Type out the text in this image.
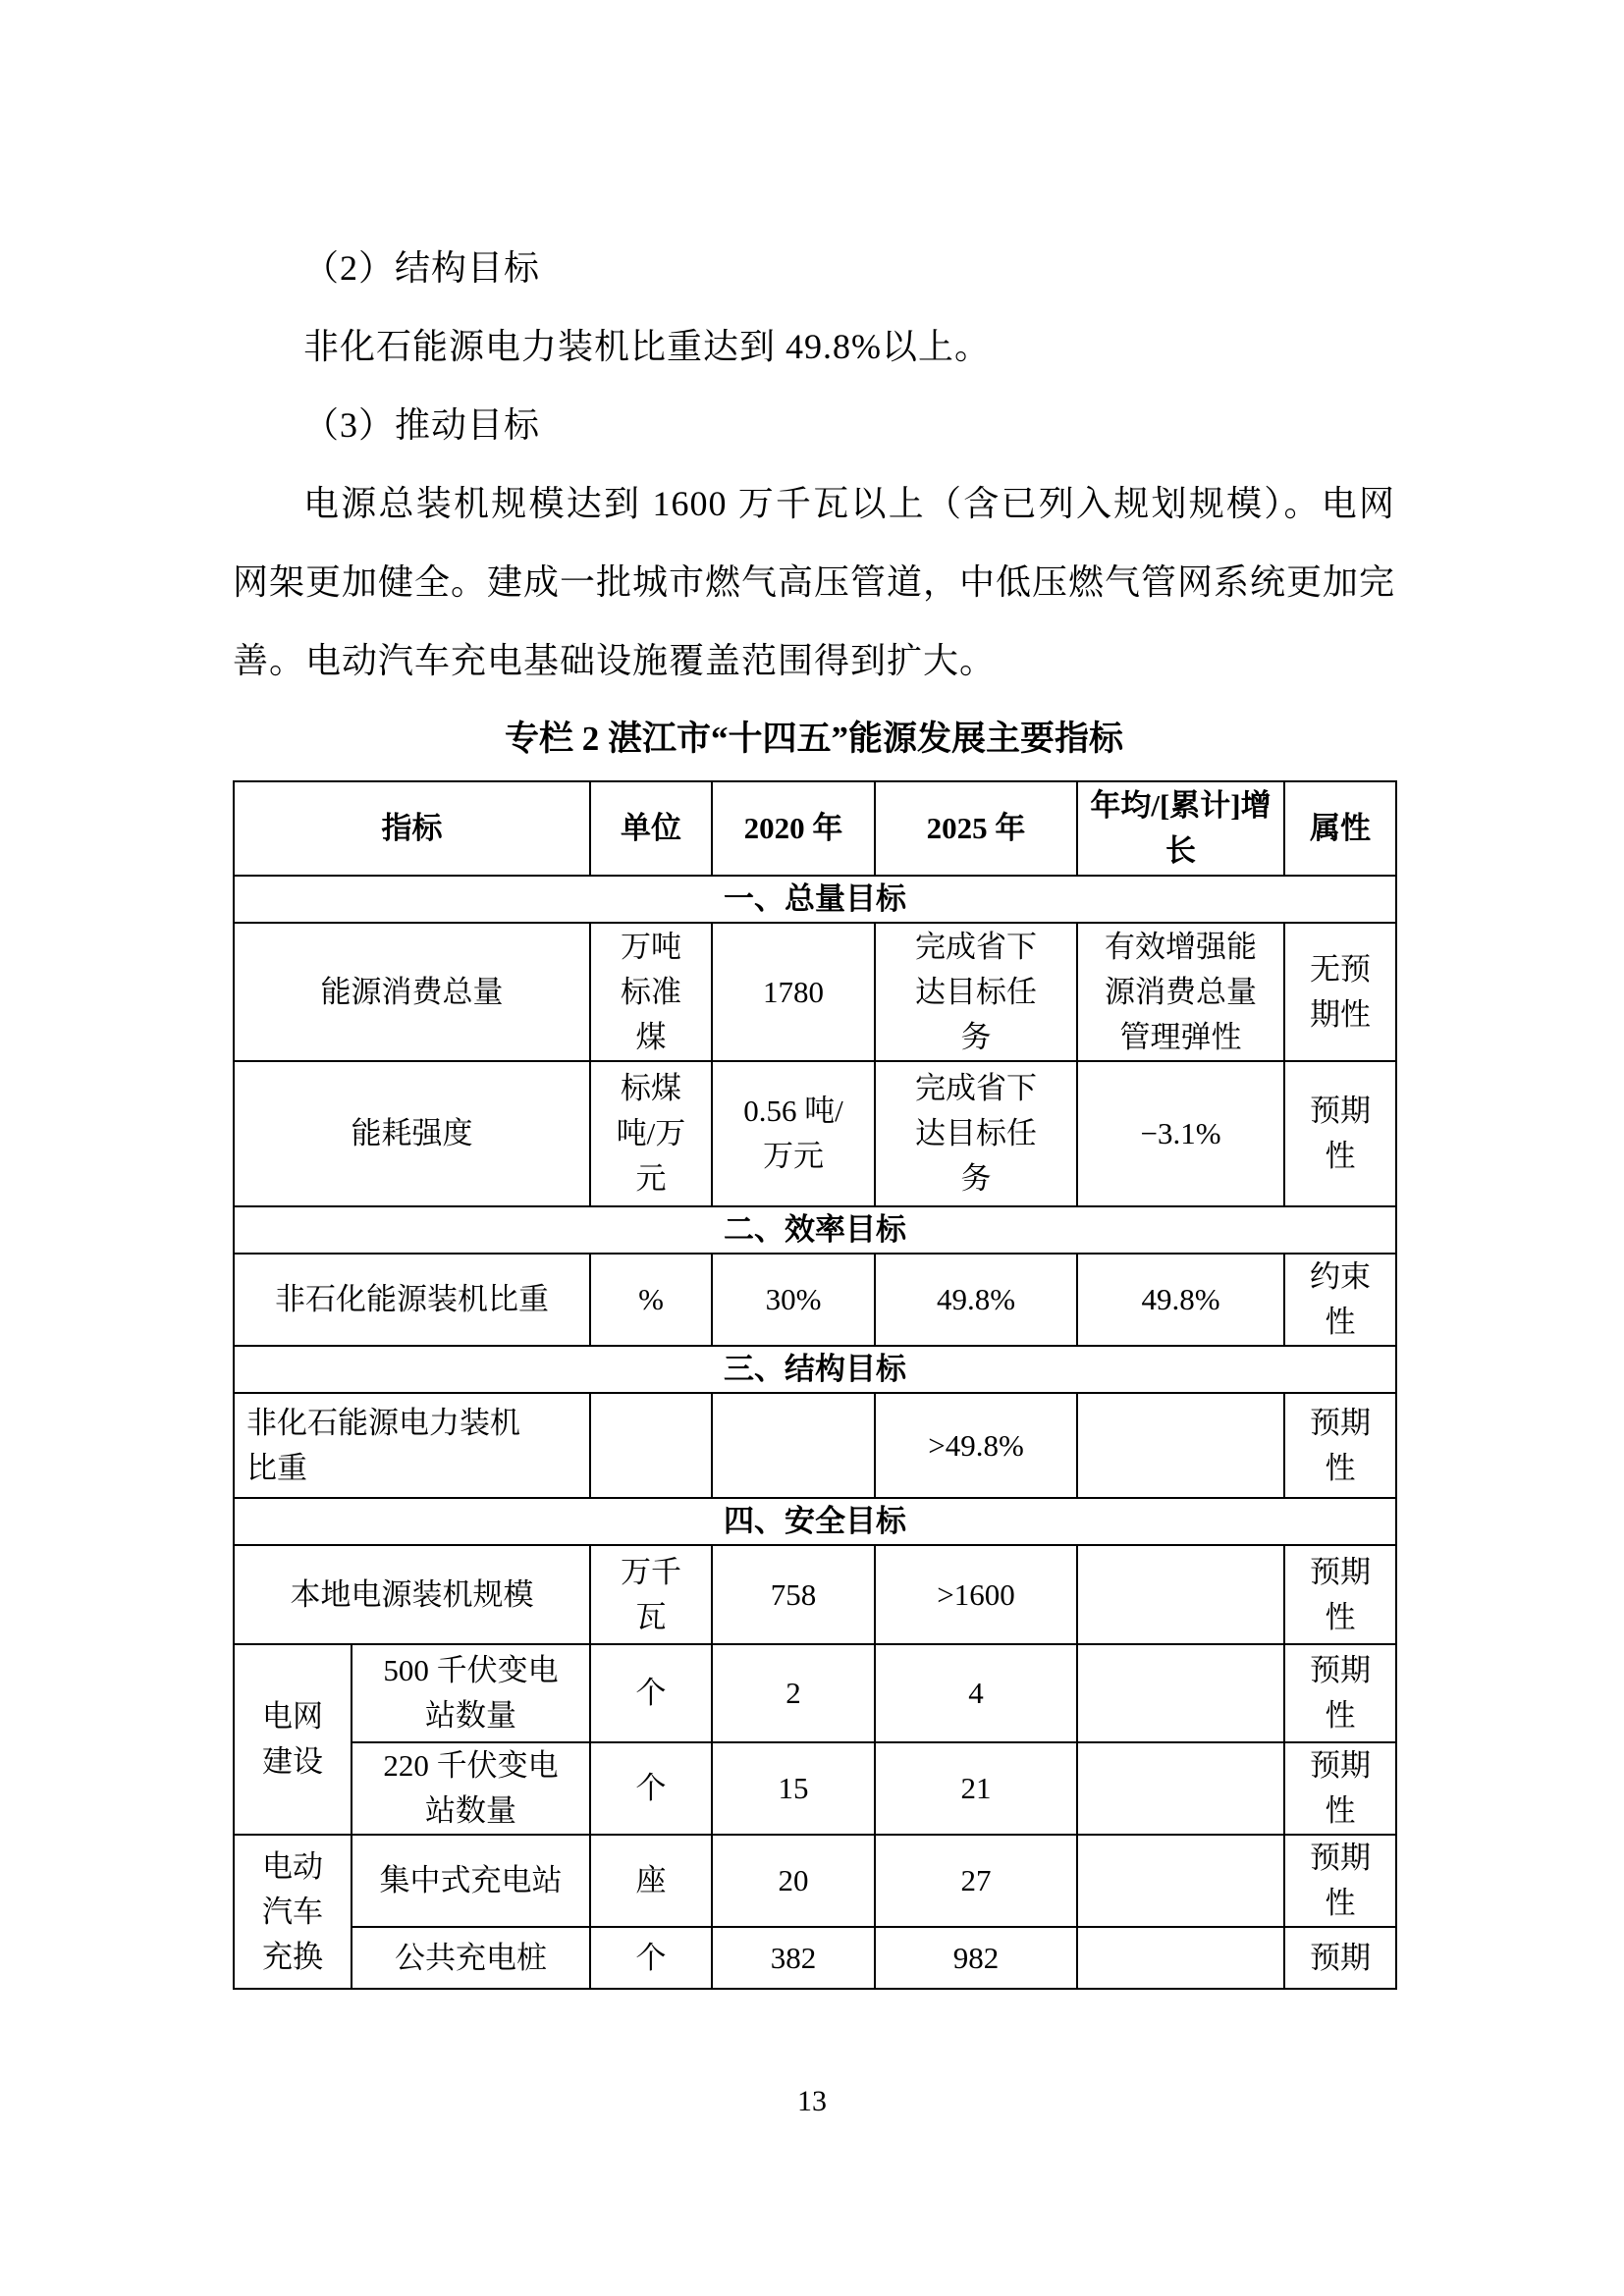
（2）结构目标

非化石能源电力装机比重达到 49.8%以上。

（3）推动目标

电源总装机规模达到 1600 万千瓦以上（含已列入规划规模）。电网网架更加健全。建成一批城市燃气高压管道，中低压燃气管网系统更加完善。电动汽车充电基础设施覆盖范围得到扩大。

专栏 2 湛江市“十四五”能源发展主要指标

指标		单位	2020 年	2025 年	年均/[累计]增长	属性
一、总量目标						
能源消费总量		万吨标准煤	1780	完成省下达目标任务	有效增强能源消费总量管理弹性	无预期性
能耗强度		标煤吨/万元	0.56 吨/万元	完成省下达目标任务	−3.1%	预期性
二、效率目标						
非石化能源装机比重		%	30%	49.8%	49.8%	约束性
三、结构目标						
非化石能源电力装机比重				>49.8%		预期性
四、安全目标						
本地电源装机规模		万千瓦	758	>1600		预期性
电网建设	500 千伏变电站数量	个	2	4		预期性
	220 千伏变电站数量	个	15	21		预期性
电动汽车充换	集中式充电站	座	20	27		预期性
	公共充电桩	个	382	982		预期
13
